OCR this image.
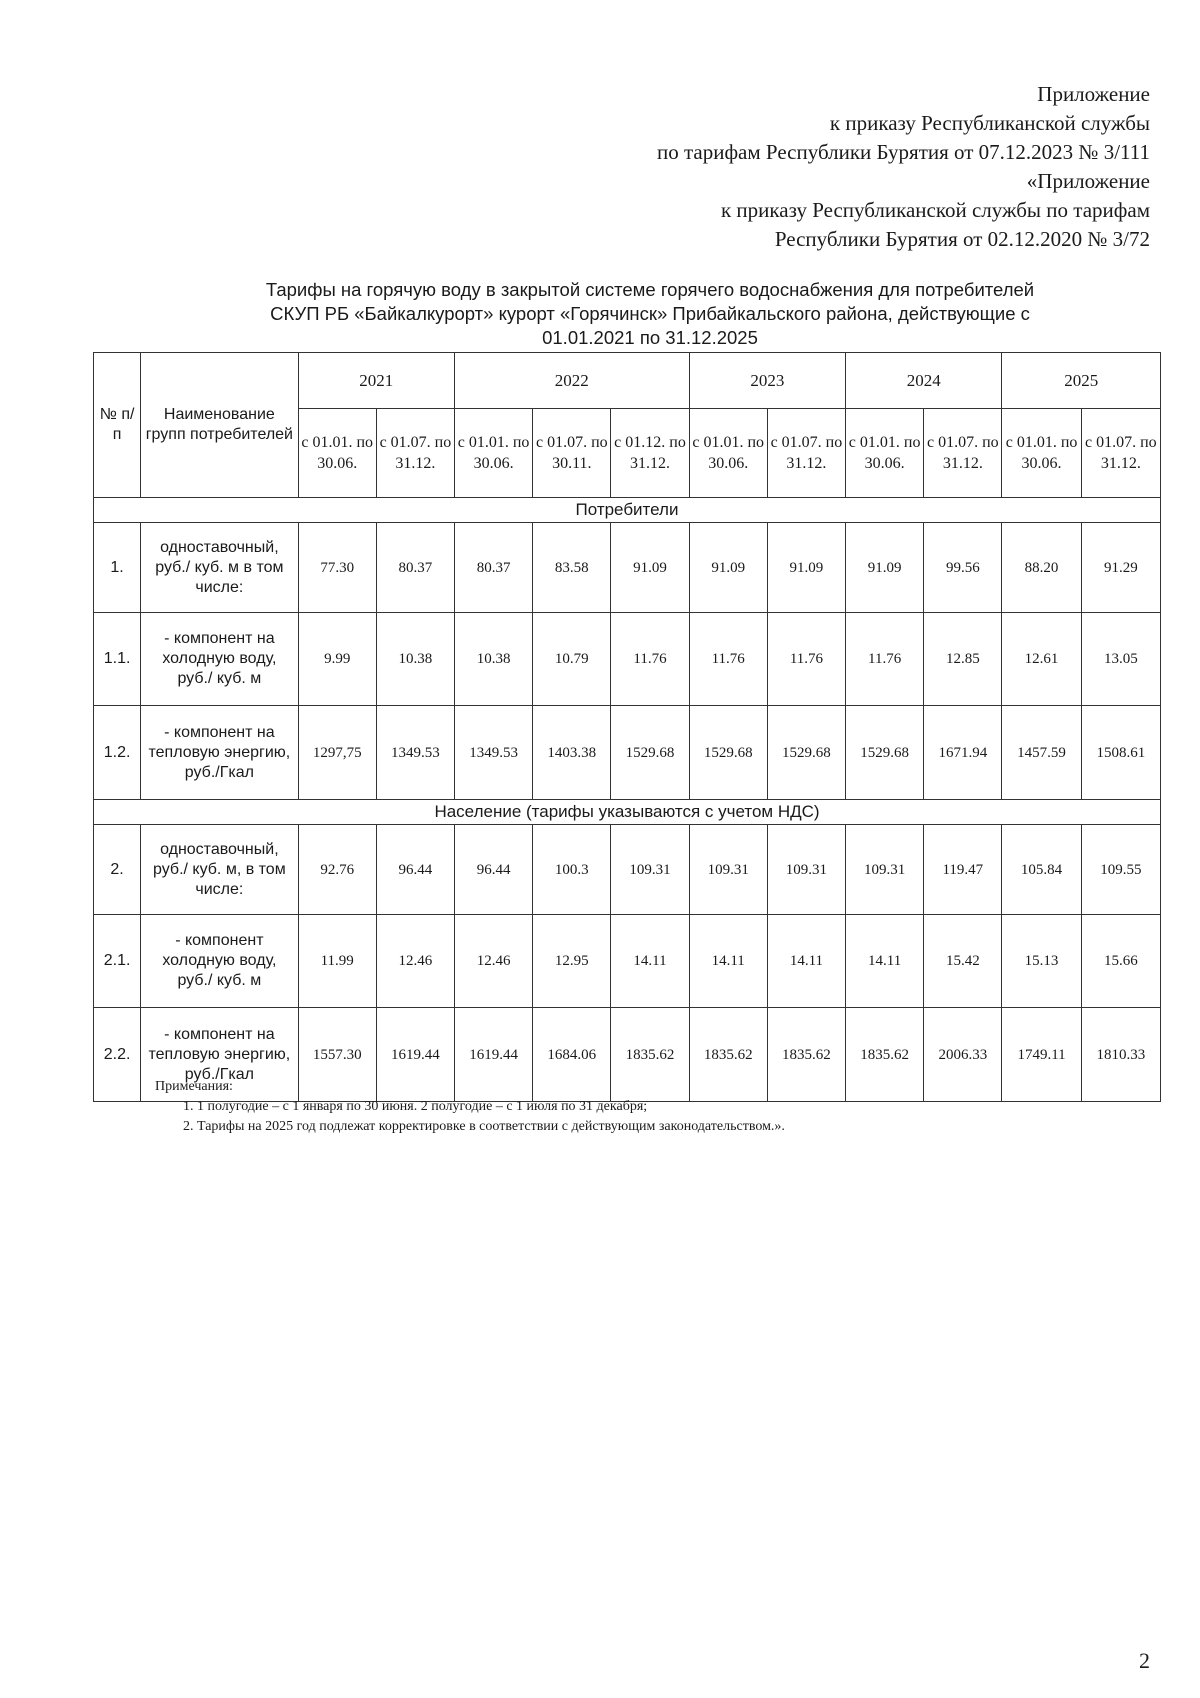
Приложение
к приказу Республиканской службы
по тарифам Республики Бурятия от 07.12.2023 № 3/111
«Приложение
к приказу Республиканской службы по тарифам
Республики Бурятия от 02.12.2020 № 3/72
Тарифы на горячую воду в закрытой системе горячего водоснабжения для потребителей
СКУП РБ «Байкалкурорт» курорт «Горячинск» Прибайкальского района, действующие с
01.01.2021 по 31.12.2025
№ п/п	Наименование групп потребителей	2021		2022			2023		2024		2025	
		с 01.01. по 30.06.	с 01.07. по 31.12.	с 01.01. по 30.06.	с 01.07. по 30.11.	с 01.12. по 31.12.	с 01.01. по 30.06.	с 01.07. по 31.12.	с 01.01. по 30.06.	с 01.07. по 31.12.	с 01.01. по 30.06.	с 01.07. по 31.12.
Потребители												
1.	одноставочный, руб./ куб. м в том числе:	77.30	80.37	80.37	83.58	91.09	91.09	91.09	91.09	99.56	88.20	91.29
1.1.	- компонент на холодную воду, руб./ куб. м	9.99	10.38	10.38	10.79	11.76	11.76	11.76	11.76	12.85	12.61	13.05
1.2.	- компонент на тепловую энергию, руб./Гкал	1297,75	1349.53	1349.53	1403.38	1529.68	1529.68	1529.68	1529.68	1671.94	1457.59	1508.61
Население (тарифы указываются с учетом НДС)												
2.	одноставочный, руб./ куб. м, в том числе:	92.76	96.44	96.44	100.3	109.31	109.31	109.31	109.31	119.47	105.84	109.55
2.1.	- компонент холодную воду, руб./ куб. м	11.99	12.46	12.46	12.95	14.11	14.11	14.11	14.11	15.42	15.13	15.66
2.2.	- компонент на тепловую энергию, руб./Гкал	1557.30	1619.44	1619.44	1684.06	1835.62	1835.62	1835.62	1835.62	2006.33	1749.11	1810.33
Примечания:
1. 1 полугодие – с 1 января по 30 июня. 2 полугодие – с 1 июля по 31 декабря;
2. Тарифы на 2025 год подлежат корректировке в соответствии с действующим законодательством.».
2
